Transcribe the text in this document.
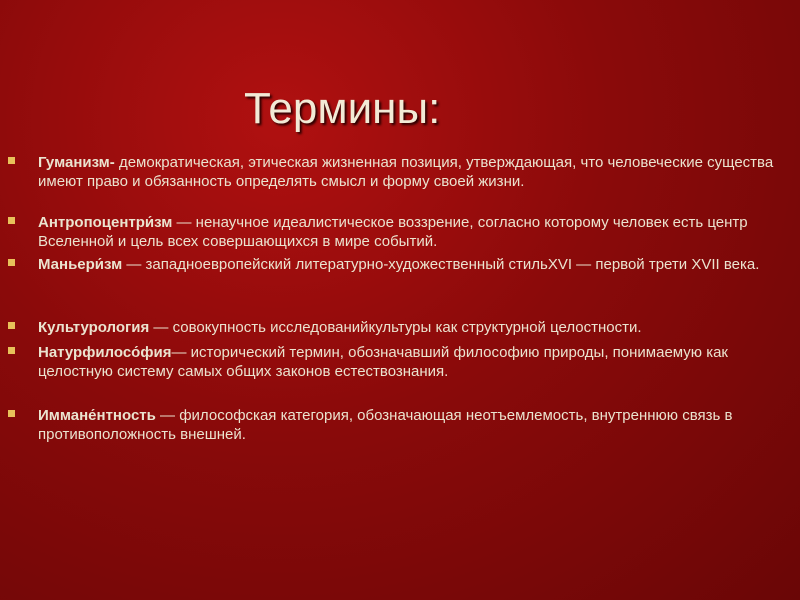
Термины:
Гуманизм- демократическая, этическая жизненная позиция, утверждающая, что человеческие существа имеют право и обязанность определять смысл и форму своей жизни.
Антропоцентри́зм — ненаучное идеалистическое воззрение, согласно которому человек есть центр Вселенной и цель всех совершающихся в мире событий.
Маньери́зм — западноевропейский литературно-художественный стильXVI — первой трети XVII века.
Культурология — совокупность исследованийкультуры как структурной целостности.
Натурфилосо́фия— исторический термин, обозначавший философию природы, понимаемую как целостную систему самых общих законов естествознания.
Иммане́нтность — философская категория, обозначающая неотъемлемость, внутреннюю связь в противоположность внешней.
